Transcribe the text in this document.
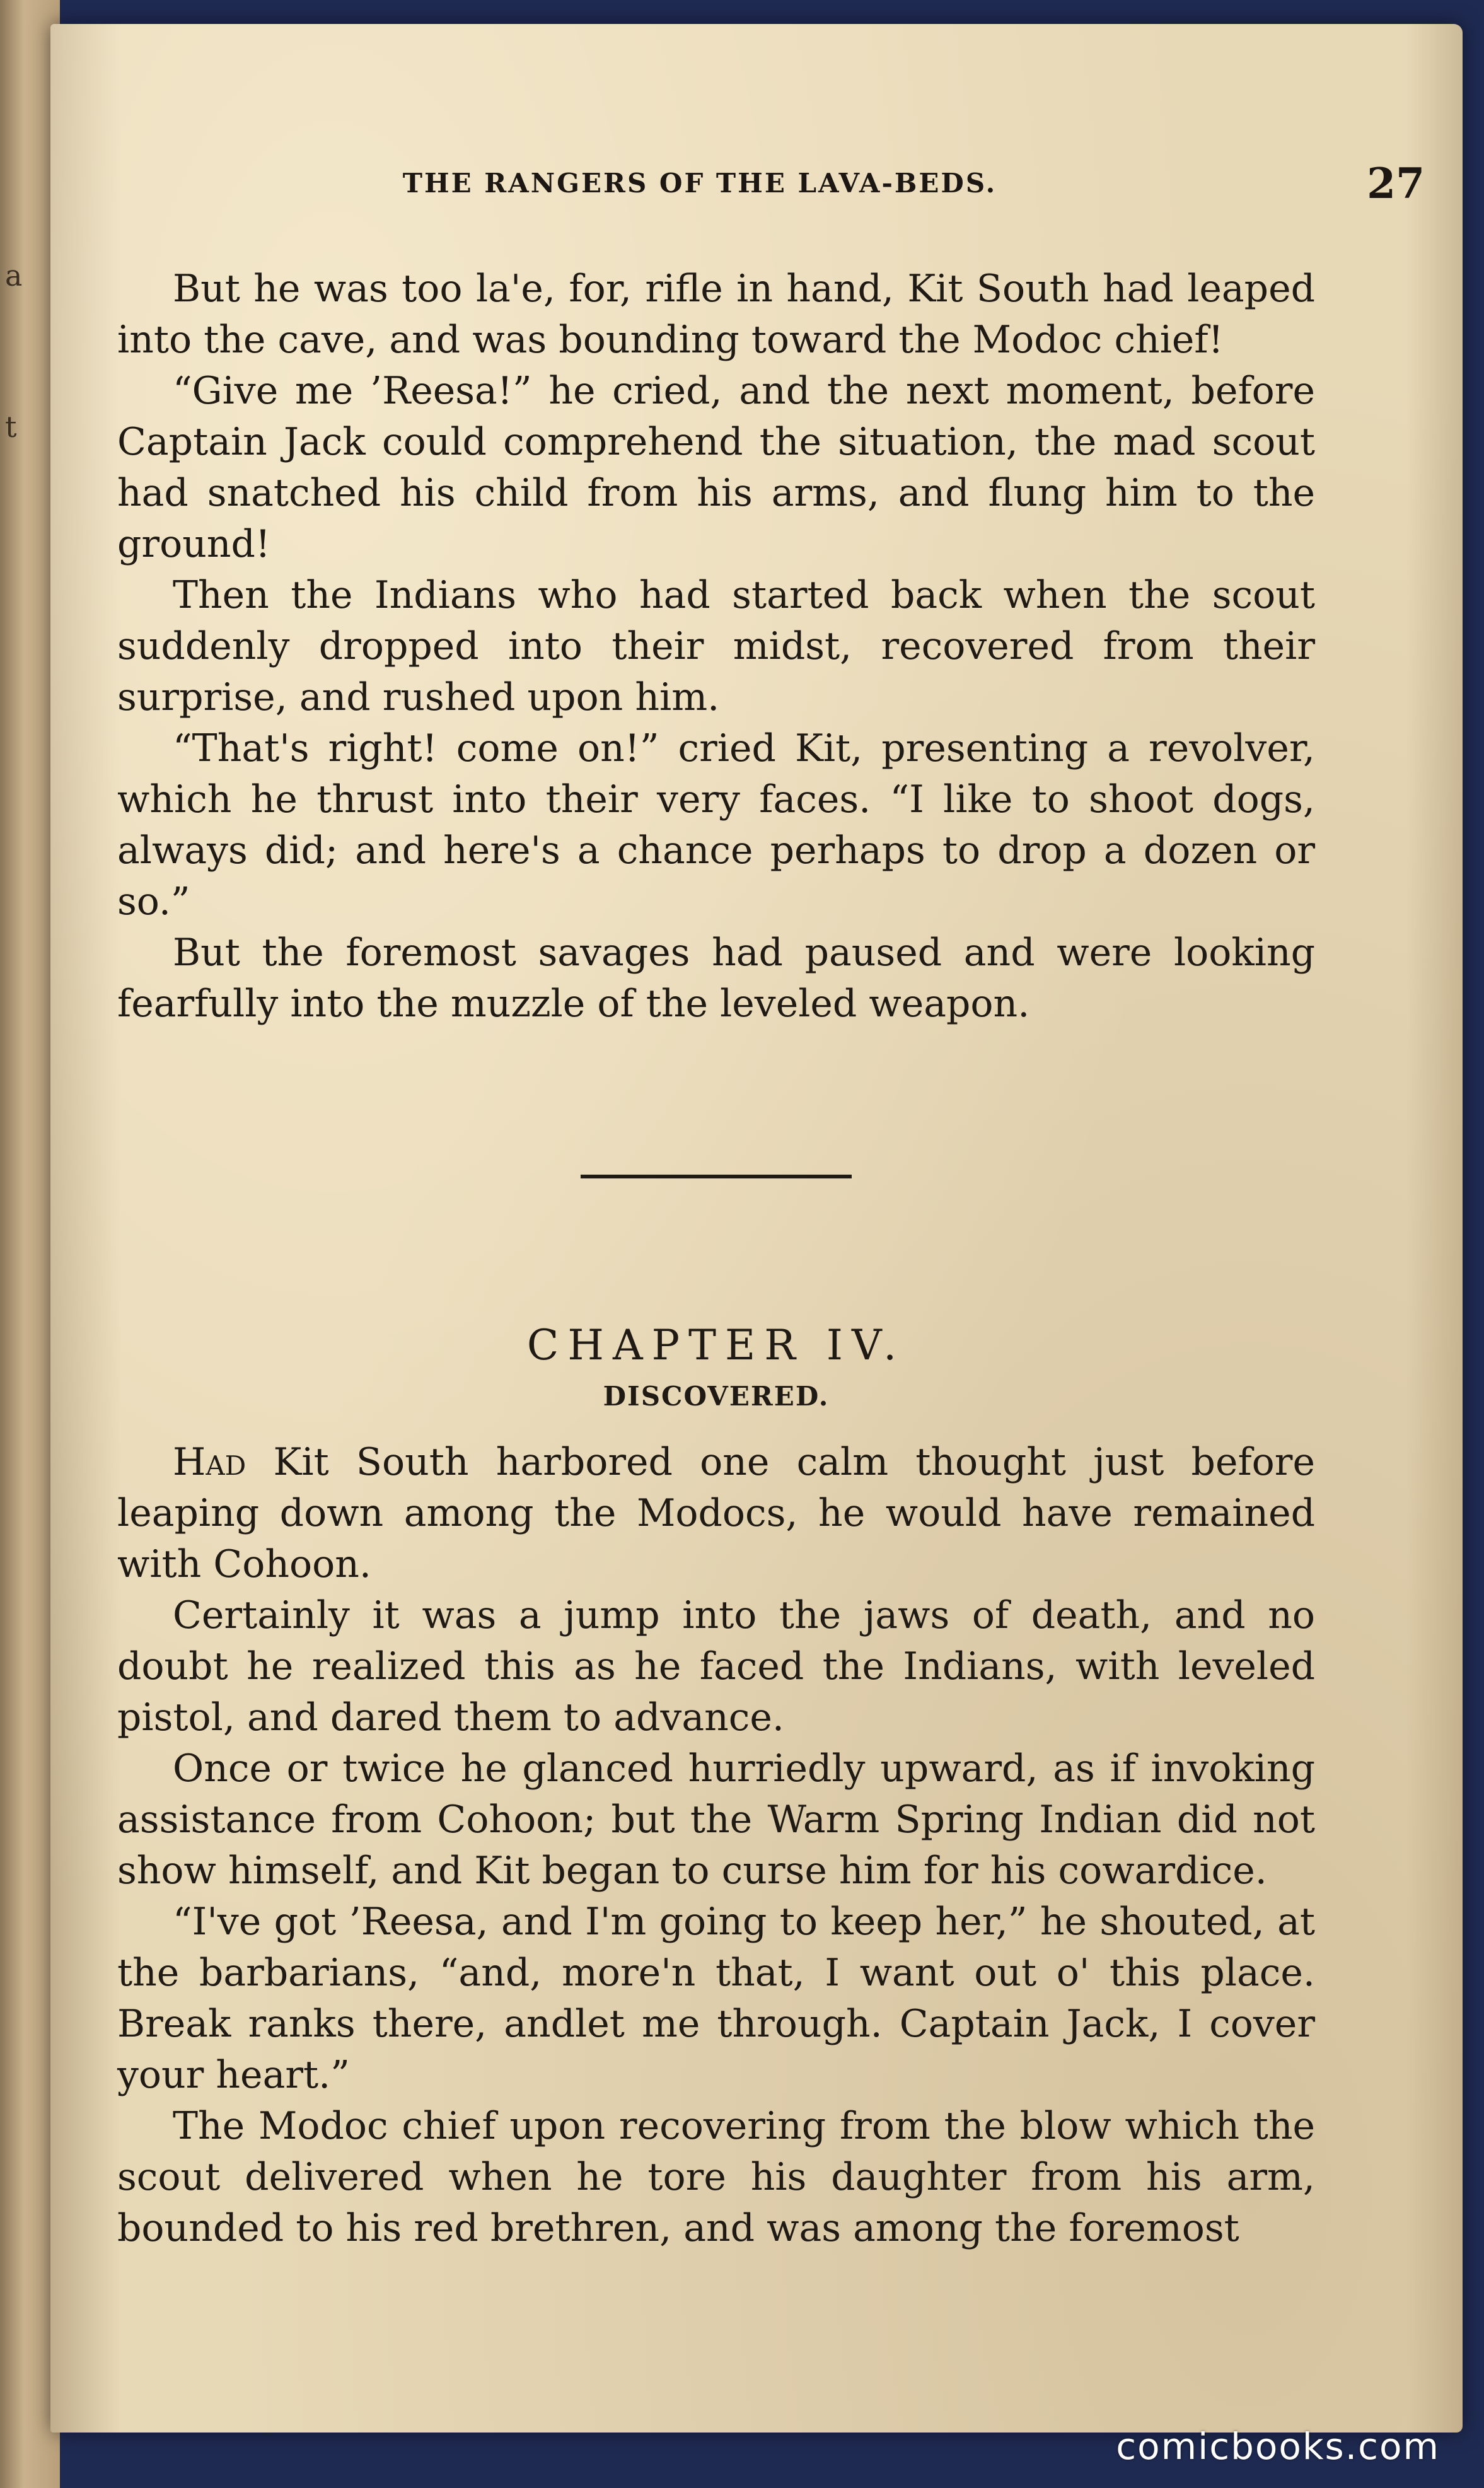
a
t
THE RANGERS OF THE LAVA-BEDS.	27

But he was too la'e, for, rifle in hand, Kit South had leaped into the cave, and was bounding toward the Modoc chief!

“Give me ’Reesa!” he cried, and the next moment, before Captain Jack could comprehend the situation, the mad scout had snatched his child from his arms, and flung him to the ground!

Then the Indians who had started back when the scout suddenly dropped into their midst, recovered from their surprise, and rushed upon him.

“That's right! come on!” cried Kit, presenting a revolver, which he thrust into their very faces. “I like to shoot dogs, always did; and here's a chance perhaps to drop a dozen or so.”

But the foremost savages had paused and were looking fearfully into the muzzle of the leveled weapon.

CHAPTER IV.
DISCOVERED.

Had Kit South harbored one calm thought just before leaping down among the Modocs, he would have remained with Cohoon.

Certainly it was a jump into the jaws of death, and no doubt he realized this as he faced the Indians, with leveled pistol, and dared them to advance.

Once or twice he glanced hurriedly upward, as if invoking assistance from Cohoon; but the Warm Spring Indian did not show himself, and Kit began to curse him for his cowardice.

“I've got ’Reesa, and I'm going to keep her,” he shouted, at the barbarians, “and, more'n that, I want out o' this place. Break ranks there, andlet me through. Captain Jack, I cover your heart.”

The Modoc chief upon recovering from the blow which the scout delivered when he tore his daughter from his arm, bounded to his red brethren, and was among the foremost

comicbooks.com
